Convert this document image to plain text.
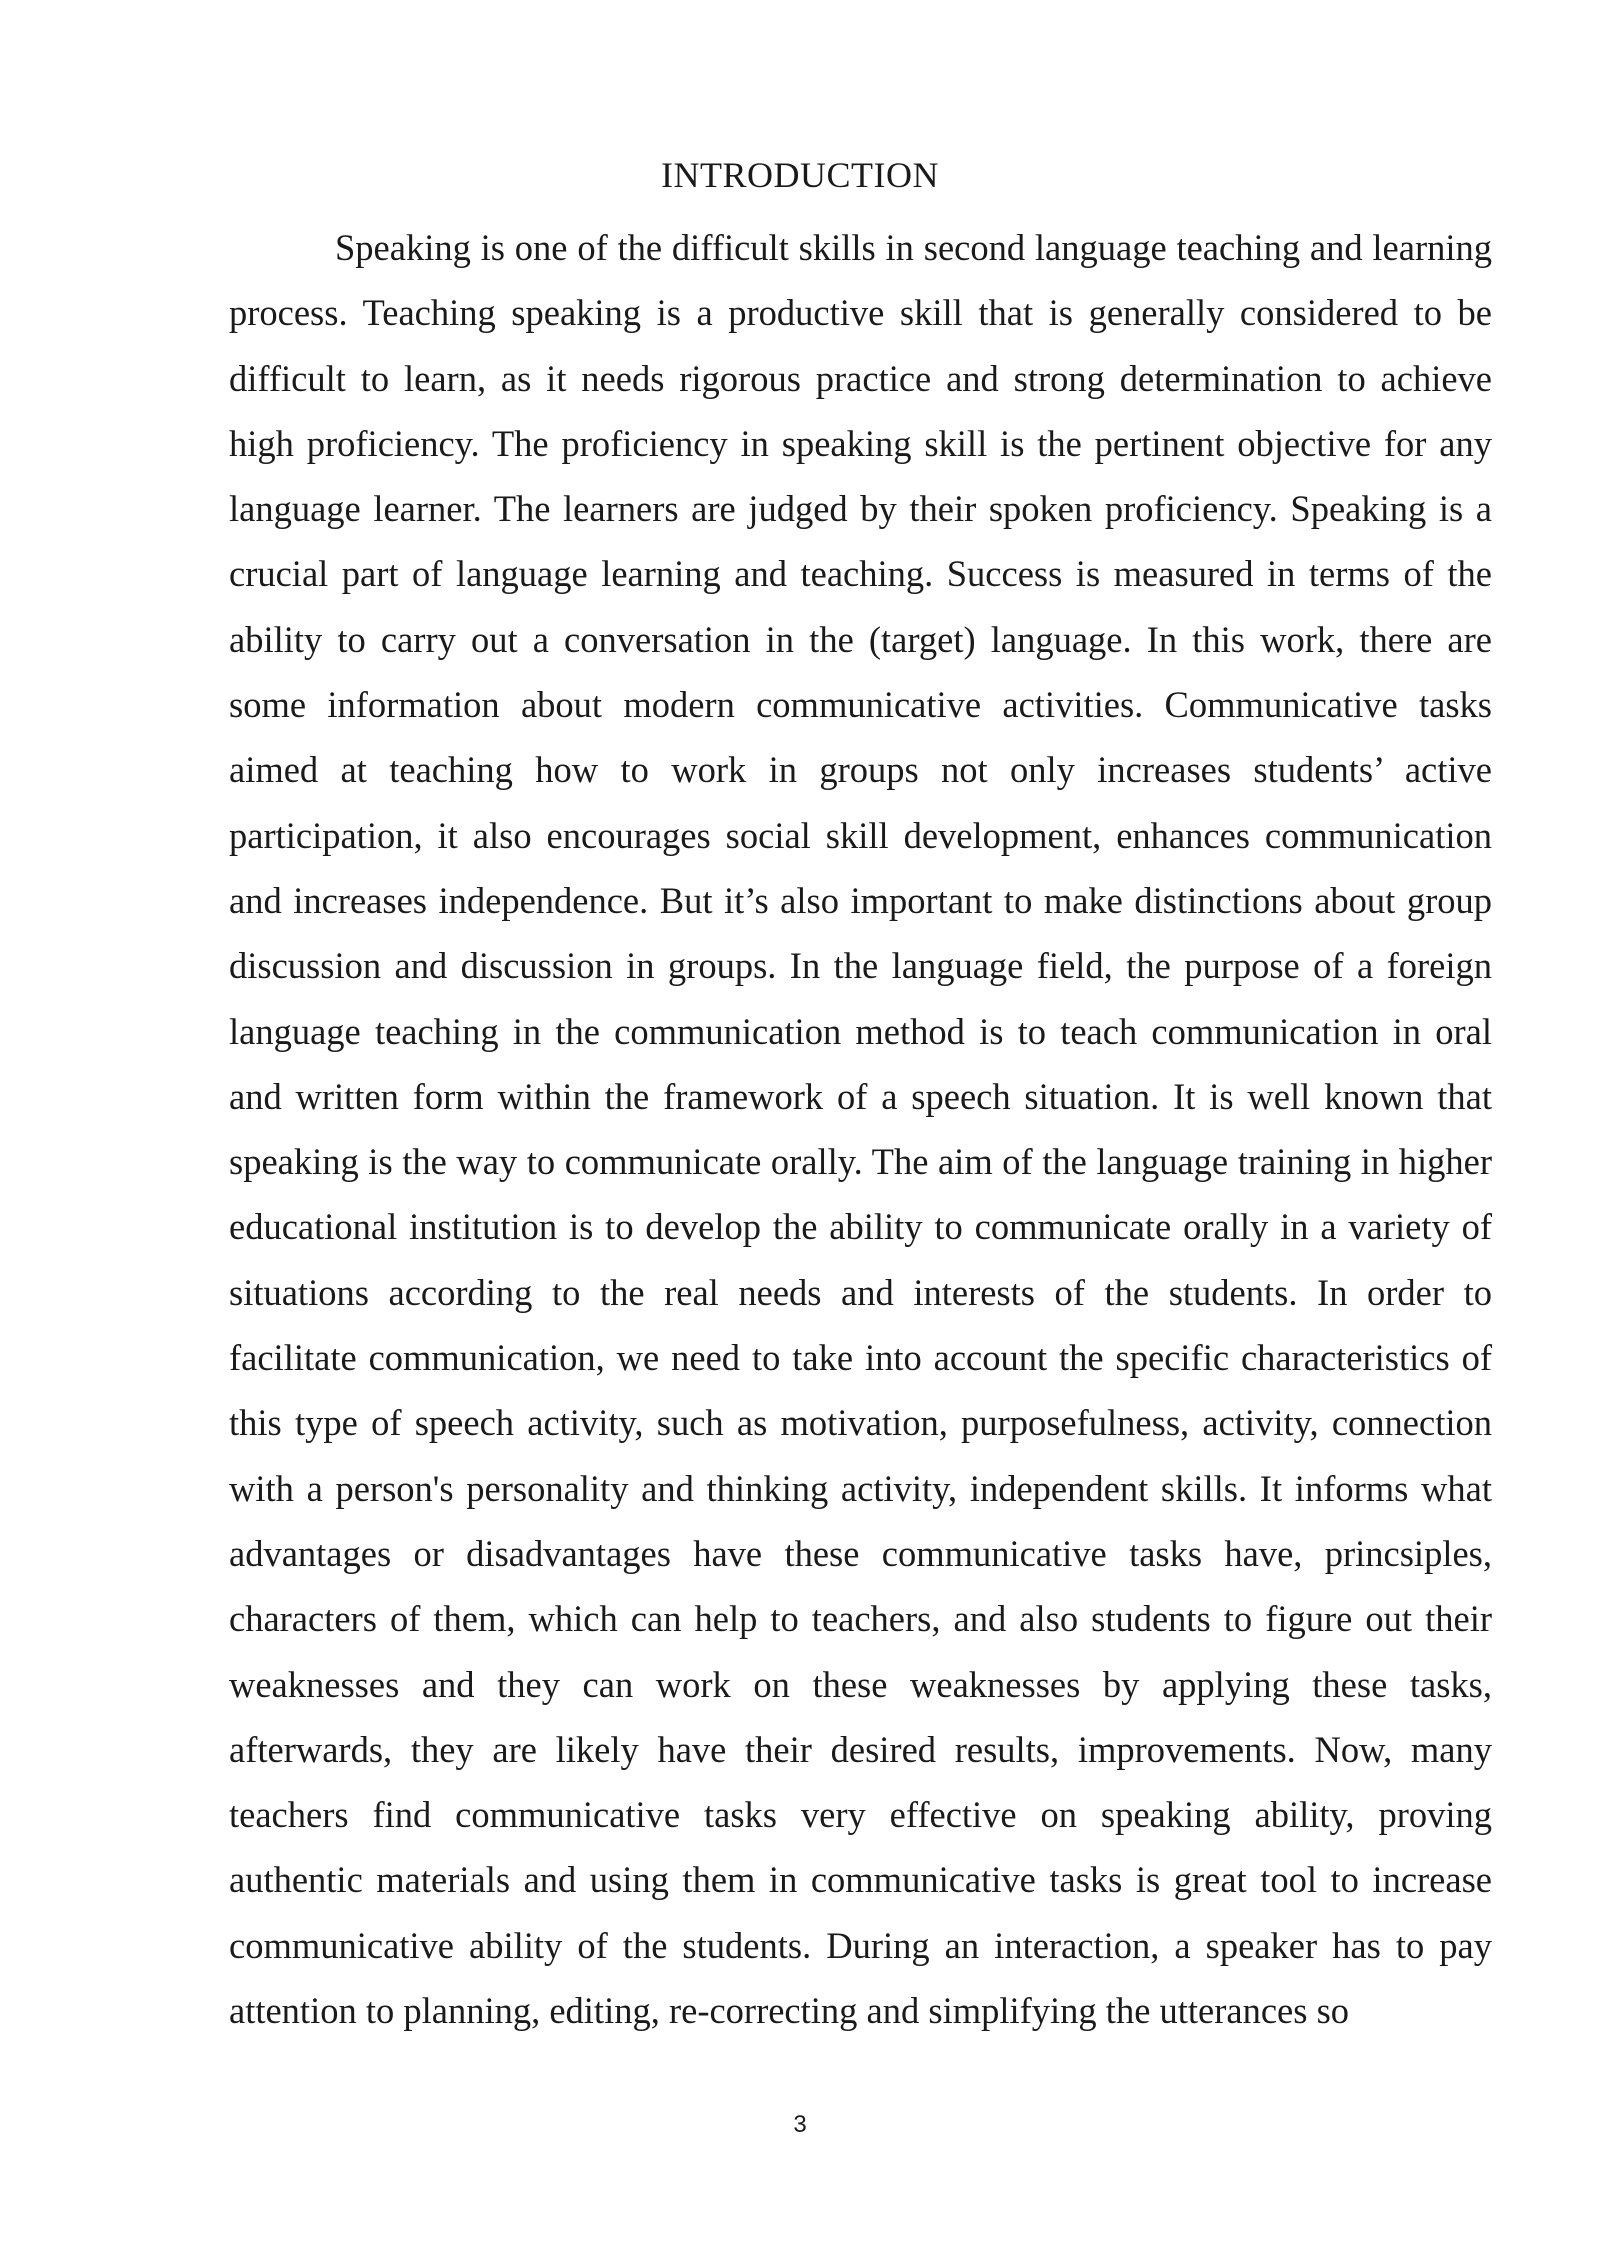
INTRODUCTION

Speaking is one of the difficult skills in second language teaching and learning process. Teaching speaking is a productive skill that is generally considered to be difficult to learn, as it needs rigorous practice and strong determination to achieve high proficiency. The proficiency in speaking skill is the pertinent objective for any language learner. The learners are judged by their spoken proficiency. Speaking is a crucial part of language learning and teaching. Success is measured in terms of the ability to carry out a conversation in the (target) language. In this work, there are some information about modern communicative activities. Communicative tasks aimed at teaching how to work in groups not only increases students’ active participation, it also encourages social skill development, enhances communication and increases independence. But it’s also important to make distinctions about group discussion and discussion in groups. In the language field, the purpose of a foreign language teaching in the communication method is to teach communication in oral and written form within the framework of a speech situation. It is well known that speaking is the way to communicate orally. The aim of the language training in higher educational institution is to develop the ability to communicate orally in a variety of situations according to the real needs and interests of the students. In order to facilitate communication, we need to take into account the specific characteristics of this type of speech activity, such as motivation, purposefulness, activity, connection with a person's personality and thinking activity, independent skills. It informs what advantages or disadvantages have these communicative tasks have, princsiples, characters of them, which can help to teachers, and also students to figure out their weaknesses and they can work on these weaknesses by applying these tasks, afterwards, they are likely have their desired results, improvements. Now, many teachers find communicative tasks very effective on speaking ability, proving authentic materials and using them in communicative tasks is great tool to increase communicative ability of the students. During an interaction, a speaker has to pay attention to planning, editing, re-correcting and simplifying the utterances so

3
